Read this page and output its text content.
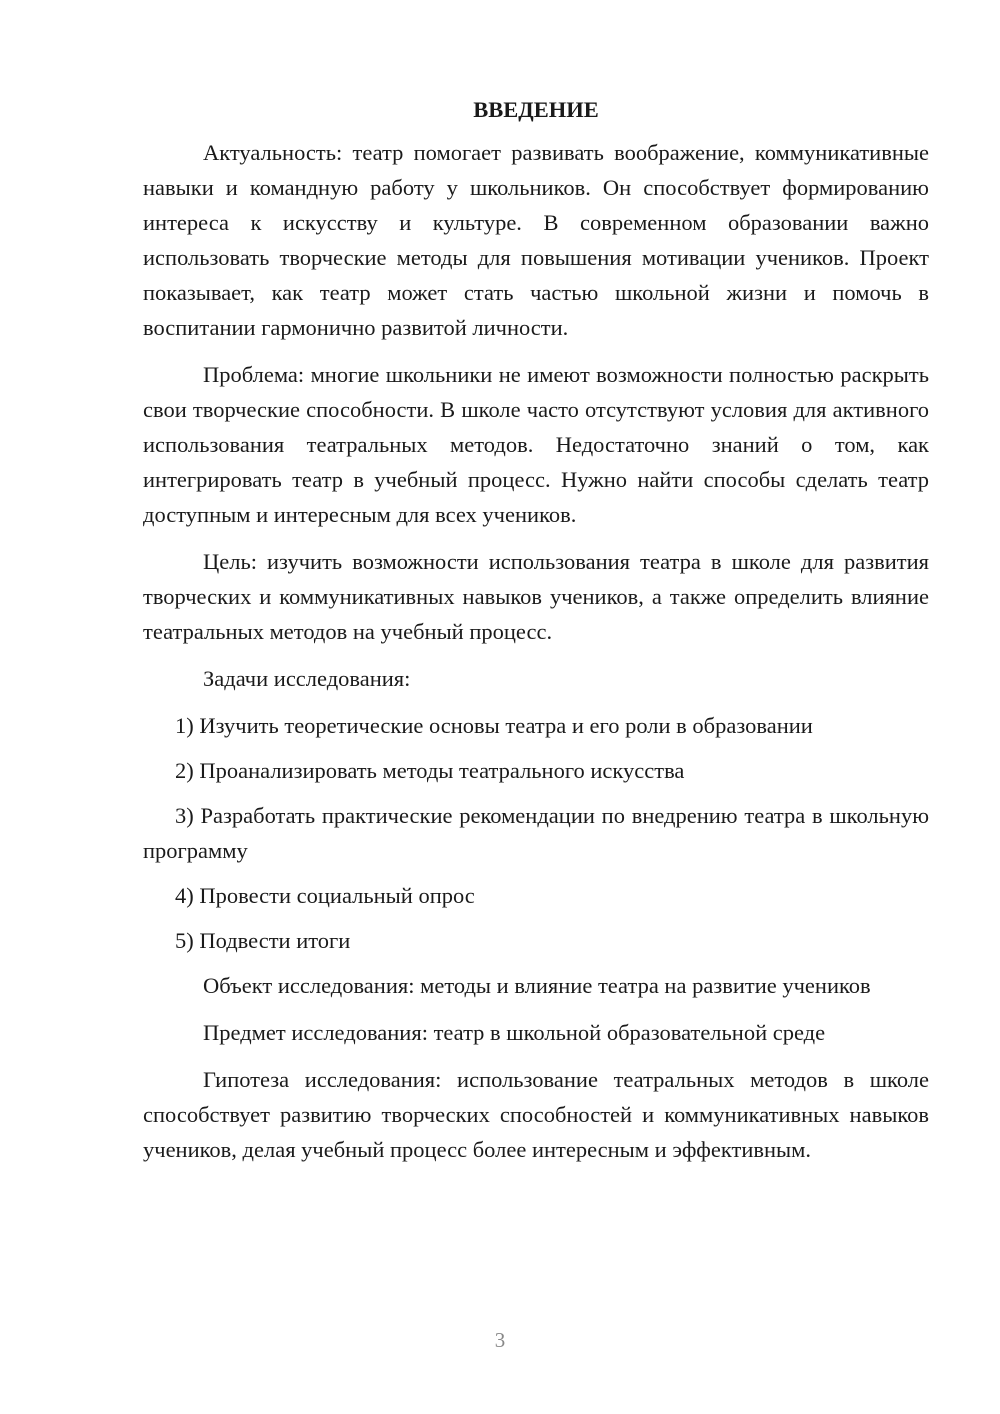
ВВЕДЕНИЕ

Актуальность: театр помогает развивать воображение, коммуникативные навыки и командную работу у школьников. Он способствует формированию интереса к искусству и культуре. В современном образовании важно использовать творческие методы для повышения мотивации учеников. Проект показывает, как театр может стать частью школьной жизни и помочь в воспитании гармонично развитой личности.

Проблема: многие школьники не имеют возможности полностью раскрыть свои творческие способности. В школе часто отсутствуют условия для активного использования театральных методов. Недостаточно знаний о том, как интегрировать театр в учебный процесс. Нужно найти способы сделать театр доступным и интересным для всех учеников.

Цель: изучить возможности использования театра в школе для развития творческих и коммуникативных навыков учеников, а также определить влияние театральных методов на учебный процесс.

Задачи исследования:

1) Изучить теоретические основы театра и его роли в образовании

2) Проанализировать методы театрального искусства

3) Разработать практические рекомендации по внедрению театра в школьную программу

4) Провести социальный опрос

5) Подвести итоги

Объект исследования: методы и влияние театра на развитие учеников

Предмет исследования: театр в школьной образовательной среде

Гипотеза исследования: использование театральных методов в школе способствует развитию творческих способностей и коммуникативных навыков учеников, делая учебный процесс более интересным и эффективным.

3
